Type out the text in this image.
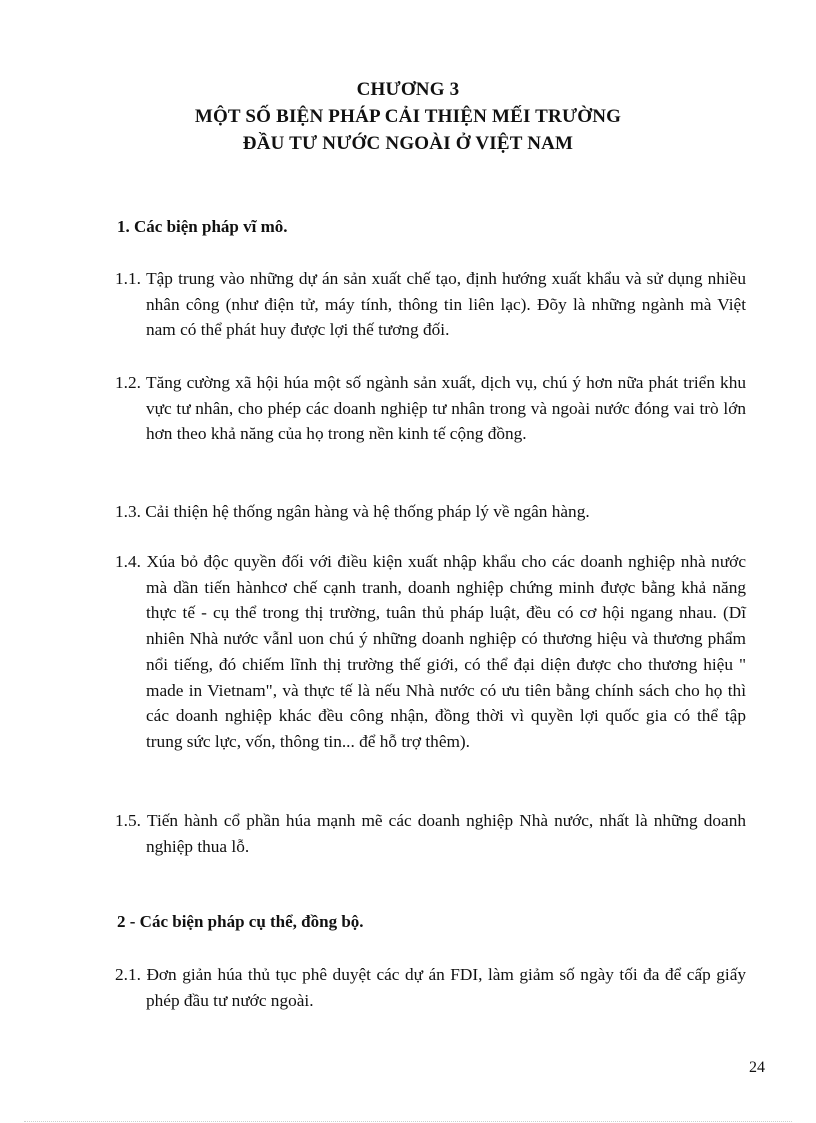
CHƯƠNG 3
MỘT SỐ BIỆN PHÁP CẢI THIỆN MẾI TRƯỜNG
ĐẦU TƯ NƯỚC NGOÀI Ở VIỆT NAM
1. Các biện pháp vĩ mô.
1.1. Tập trung vào những dự án sản xuất chế tạo, định hướng xuất khẩu và sử dụng nhiều nhân công (như điện tử, máy tính, thông tin liên lạc). Đõy là những ngành mà Việt nam có thể phát huy được lợi thế tương đối.
1.2. Tăng cường xã hội húa một số ngành sản xuất, dịch vụ, chú ý hơn nữa phát triển khu vực tư nhân, cho phép các doanh nghiệp tư nhân trong và ngoài nước đóng vai trò lớn hơn theo khả năng của họ trong nền kinh tế cộng đồng.
1.3. Cải thiện hệ thống ngân hàng và hệ thống pháp lý về ngân hàng.
1.4. Xúa bỏ độc quyền đối với điều kiện xuất nhập khẩu cho các doanh nghiệp nhà nước mà dần tiến hànhcơ chế cạnh tranh, doanh nghiệp chứng minh được bằng khả năng thực tế - cụ thể trong thị trường, tuân thủ pháp luật, đều có cơ hội ngang nhau. (Dĩ nhiên Nhà nước vẫnl uon chú ý những doanh nghiệp có thương hiệu và thương phẩm nổi tiếng, đó chiếm lĩnh thị trường thế giới, có thể đại diện được cho thương hiệu " made in Vietnam", và thực tế là nếu Nhà nước có ưu tiên bằng chính sách cho họ thì các doanh nghiệp khác đều công nhận, đồng thời vì quyền lợi quốc gia có thể tập trung sức lực, vốn, thông tin... để hỗ trợ thêm).
1.5. Tiến hành cổ phần húa mạnh mẽ các doanh nghiệp Nhà nước, nhất là những doanh nghiệp thua lỗ.
2 - Các biện pháp cụ thể, đồng bộ.
2.1. Đơn giản húa thủ tục phê duyệt các dự án FDI, làm giảm số ngày tối đa để cấp giấy phép đầu tư nước ngoài.
24
